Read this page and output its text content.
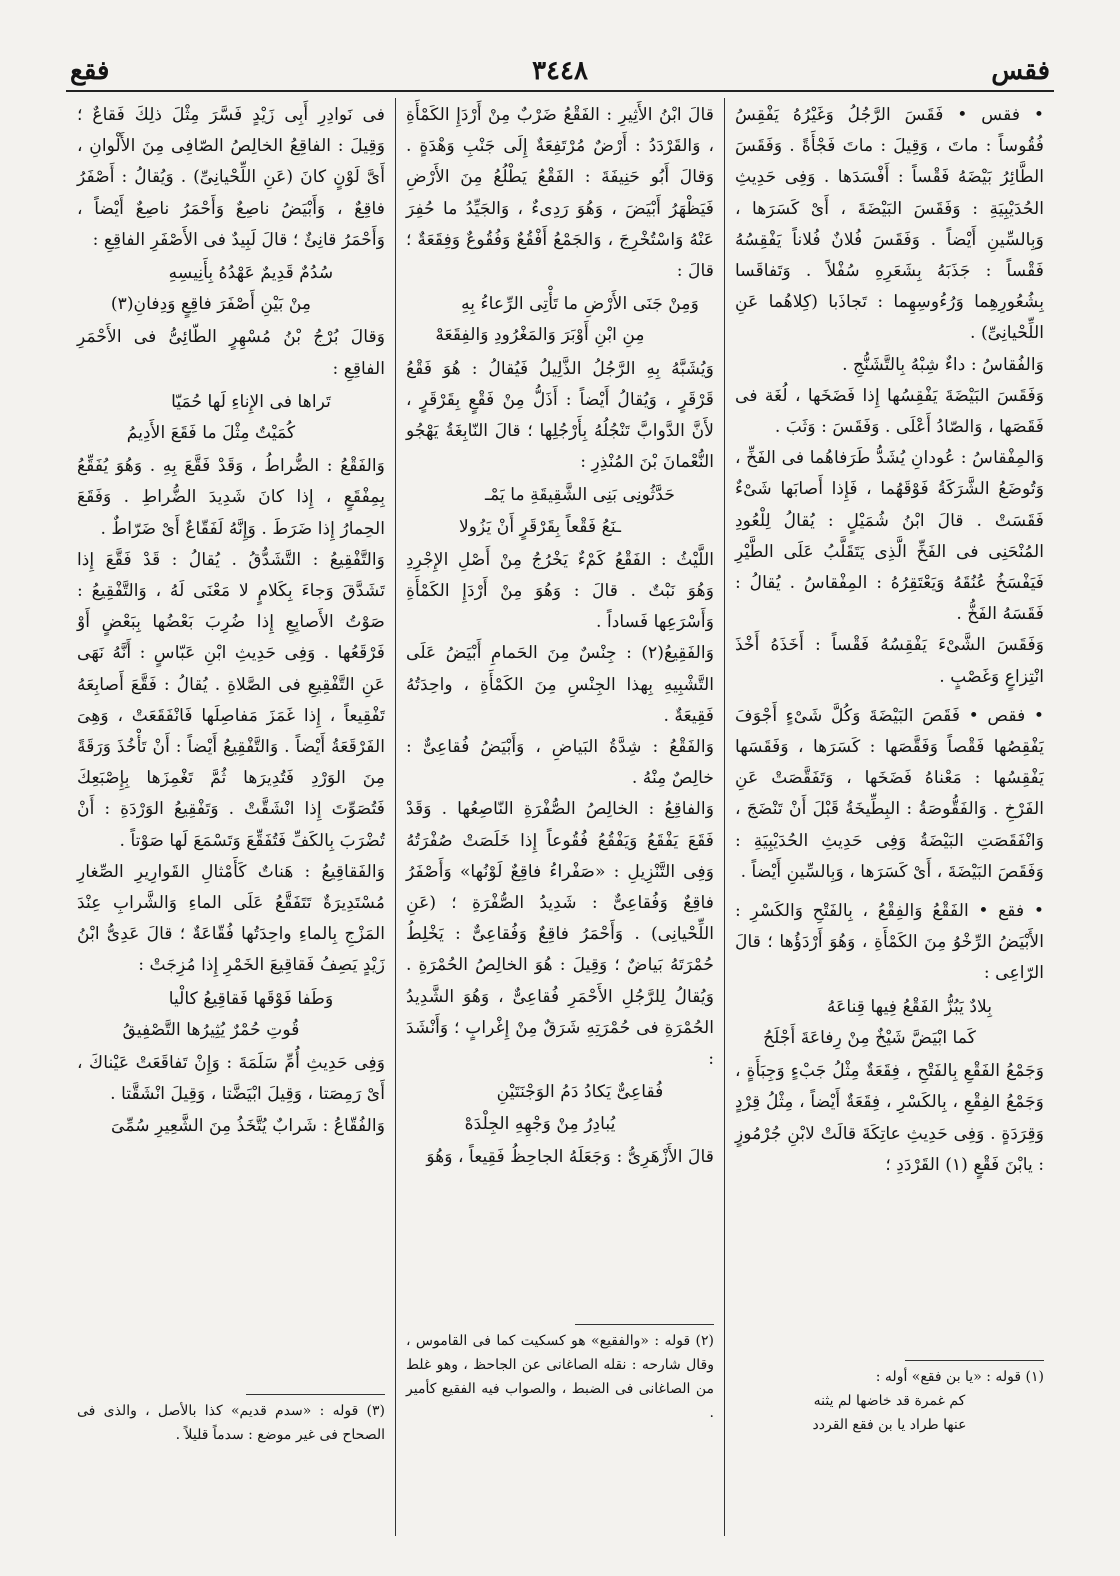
فقس
٣٤٤٨
فقع

• فقس • فَقَسَ الرَّجُلُ وَغَيْرُهُ يَفْقِسُ فُقُوساً : ماتَ ، وَقِيلَ : ماتَ فَجْأَةً . وَفَقَسَ الطَّائِرُ بَيْضَهُ فَقْساً : أَفْسَدَها . وَفِى حَدِيثِ الحُدَيْبِيَةِ : وَفَقَسَ البَيْضَةَ ، أَىْ كَسَرَها ، وَبِالسِّينِ أَيْضاً . وَفَقَسَ فُلانٌ فُلاناً يَفْقِسُهُ فَقْساً : جَذَبَهُ بِشَعَرِهِ سُفْلاً . وَتَفاقَسا بِشُعُورِهِما وَرُءُوسِهِما : تَجاذَبا (كِلاهُما عَنِ اللِّحْيانِىِّ) .

وَالفُقاسُ : داءٌ شِبْهُ بِالتَّشَنُّجِ .

وَفَقَسَ البَيْضَةَ يَفْقِسُها إِذا فَضَخَها ، لُغَة فى فَقَصَها ، وَالصّادُ أَعْلَى . وَفَقَسَ : وَثَبَ .

وَالمِفْقاسُ : عُودانِ يُشَدُّ طَرَفاهُما فى الفَخِّ ، وَتُوضَعُ الشَّرَكَةُ فَوْقَهُما ، فَإِذا أَصابَها شَىْءٌ فَقَسَتْ . قالَ ابْنُ شُمَيْلٍ : يُقالُ لِلْعُودِ المُنْحَنِى فى الفَخِّ الَّذِى يَتَقَلَّبُ عَلَى الطَّيْرِ فَيَفْسَخُ عُنُقَهُ وَيَعْتَقِرُهُ : المِفْقاسُ . يُقالُ : فَقَسَهُ الفَخُّ .

وَفَقَسَ الشَّىْءَ يَفْقِسُهُ فَقْساً : أَخَذَهُ أَخْذَ انْتِزاعٍ وَغَصْبٍ .

• فقص • فَقَصَ البَيْضَةَ وَكُلَّ شَىْءٍ أَجْوَفَ يَفْقِصُها فَقْصاً وَفَقَّصَها : كَسَرَها ، وَفَقَسَها يَفْقِسُها : مَعْناهُ فَضَخَها ، وَتَفَقَّصَتْ عَنِ الفَرْخِ . وَالفَقُّوصَةُ : البِطِّيخَةُ قَبْلَ أَنْ تَنْضَجَ ، وَانْفَقَصَتِ البَيْضَةُ وَفِى حَدِيثِ الحُدَيْبِيَةِ : وَفَقَصَ البَيْضَةَ ، أَىْ كَسَرَها ، وَبِالسِّينِ أَيْضاً .

• فقع • الفَقْعُ وَالفِقْعُ ، بِالفَتْحِ وَالكَسْرِ : الأَبْيَضُ الرِّخْوُ مِنَ الكَمْأَةِ ، وَهُوَ أَرْدَؤُها ؛ قالَ الرّاعِى :

بِلادٌ يَبُزُّ الفَقْعُ فِيها قِناعَهُ
كَما ابْيَضَّ شَيْخٌ مِنْ رِفاعَةَ أَجْلَحُ

وَجَمْعُ الفَقْعِ بِالفَتْحِ ، فِقَعَةٌ مِثْلُ جَبْءٍ وَجِبَأَةٍ ، وَجَمْعُ الفِقْعِ ، بِالكَسْرِ ، فِقَعَةٌ أَيْضاً ، مِثْلُ قِرْدٍ وَقِرَدَةٍ . وَفِى حَدِيثِ عاتِكَةَ قالَتْ لابْنِ جُرْمُوزٍ : يابْنَ فَقْعٍ (١) القَرْدَدِ ؛

(١) قوله : «يا بن فقع» أوله :
كم غمرة قد خاضها لم يثنه
عنها طراد يا بن فقع القردد

قالَ ابْنُ الأَثِيرِ : الفَقْعُ ضَرْبٌ مِنْ أَرْدَإِ الكَمْأَةِ ، وَالقَرْدَدُ : أَرْضٌ مُرْتَفِعَةٌ إِلَى جَنْبِ وَهْدَةٍ . وَقالَ أَبُو حَنِيفَةَ : الفَقْعُ يَطْلُعُ مِنَ الأَرْضِ فَيَظْهَرُ أَبْيَضَ ، وَهُوَ رَدِىءٌ ، وَالجَيِّدُ ما حُفِرَ عَنْهُ وَاسْتُخْرِجَ ، وَالجَمْعُ أَفْقُعٌ وَفُقُوعٌ وَفِقَعَةٌ ؛ قالَ :

وَمِنْ جَنَى الأَرْضِ ما تَأْتِى الرِّعاءُ بِهِ
مِنِ ابْنِ أَوْبَرَ وَالمَغْرُودِ وَالفِقَعَهْ

وَيُشَبَّهُ بِهِ الرَّجُلُ الذَّلِيلُ فَيُقالُ : هُوَ فَقْعُ قَرْقَرٍ ، وَيُقالُ أَيْضاً : أَذَلُّ مِنْ فَقْعٍ بِقَرْقَرٍ ، لأَنَّ الدَّوابَّ تَنْجُلُهُ بِأَرْجُلِها ؛ قالَ النّابِغَةُ يَهْجُو النُّعْمانَ بْنَ المُنْذِرِ :

حَدَّثُونِى بَنِى الشَّقِيقَةِ ما يَمْـ
ـنَعُ فَقْعاً بِقَرْقَرٍ أَنْ يَزُولا

اللَّيْثُ : الفَقْعُ كَمْءٌ يَخْرُجُ مِنْ أَصْلِ الإِجْرِدِ وَهُوَ نَبْتٌ . قالَ : وَهُوَ مِنْ أَرْدَإِ الكَمْأَةِ وَأَسْرَعِها فَساداً .

وَالفَقِيعُ(٢) : جِنْسٌ مِنَ الحَمامِ أَبْيَضُ عَلَى التَّشْبِيهِ بِهذا الجِنْسِ مِنَ الكَمْأَةِ ، واحِدَتُهُ فَقِيعَةٌ .

وَالفَقْعُ : شِدَّةُ البَياضِ ، وَأَبْيَضُ فُقاعِىٌّ : خالِصٌ مِنْهُ .

وَالفاقِعُ : الخالِصُ الصُّفْرَةِ النّاصِعُها . وَقَدْ فَقَعَ يَفْقَعُ وَيَفْقُعُ فُقُوعاً إِذا خَلَصَتْ صُفْرَتُهُ وَفِى التَّنْزِيلِ : «صَفْراءُ فاقِعٌ لَوْنُها» وَأَصْفَرُ فاقِعٌ وَفُقاعِىٌّ : شَدِيدُ الصُّفْرَةِ ؛ (عَنِ اللِّحْيانِى) . وَأَحْمَرُ فاقِعٌ وَفُقاعِىٌّ : يَخْلِطُ حُمْرَتَهُ بَياضٌ ؛ وَقِيلَ : هُوَ الخالِصُ الحُمْرَةِ . وَيُقالُ لِلرَّجُلِ الأَحْمَرِ فُقاعِىٌّ ، وَهُوَ الشَّدِيدُ الحُمْرَةِ فى حُمْرَتِهِ شَرَقٌ مِنْ إِغْرابٍ ؛ وَأَنْشَدَ :

فُقاعِىٌّ يَكادُ دَمُ الوَجْنَتَيْنِ
يُبادِرُ مِنْ وَجْهِهِ الجِلْدَهْ

قالَ الأَزْهَرِىُّ : وَجَعَلَهُ الجاحِظُ فَقِيعاً ، وَهُوَ

(٢) قوله : «والفقيع» هو كسكيت كما فى القاموس ، وقال شارحه : نقله الصاغانى عن الجاحظ ، وهو غلط من الصاغانى فى الضبط ، والصواب فيه الفقيع كأمير .

فى نَوادِرِ أَبِى زَيْدٍ فَسَّرَ مِثْلَ ذلِكَ فَقاعٌ ؛ وَقِيلَ : الفاقِعُ الخالِصُ الصّافِى مِنَ الأَلْوانِ ، أَىَّ لَوْنٍ كانَ (عَنِ اللِّحْيانِىِّ) . وَيُقالُ : أَصْفَرُ فاقِعٌ ، وَأَبْيَضُ ناصِعٌ وَأَحْمَرُ ناصِعٌ أَيْضاً ، وَأَحْمَرُ قانِئٌ ؛ قالَ لَبِيدٌ فى الأَصْفَرِ الفاقِعِ :

سُدُمٌ قَدِيمٌ عَهْدُهُ بِأَنِيسِهِ
مِنْ بَيْنِ أَصْفَرَ فاقِعٍ وَدِفانِ(٣)

وَقالَ بُرْجُ بْنُ مُسْهِرٍ الطّائِىُّ فى الأَحْمَرِ الفاقِعِ :

تَراها فى الإِناءِ لَها حُمَيّا
كُمَيْتٌ مِثْلَ ما فَقَعَ الأَدِيمُ

وَالفَقْعُ : الضُّراطُ ، وَقَدْ فَقَّعَ بِهِ . وَهُوَ يُفَقِّعُ بِمِفْقَعٍ ، إِذا كانَ شَدِيدَ الضُّراطِ . وَفَقَعَ الحِمارُ إِذا ضَرَطَ . وَإِنَّهُ لَفَقّاعٌ أَىْ ضَرّاطٌ .

وَالتَّفْقِيعُ : التَّشَدُّقُ . يُقالُ : قَدْ فَقَّعَ إِذا تَشَدَّقَ وَجاءَ بِكَلامٍ لا مَعْنَى لَهُ ، وَالتَّفْقِيعُ : صَوْتُ الأَصابِعِ إِذا ضُرِبَ بَعْضُها بِبَعْضٍ أَوْ فَرْقَعُها . وَفِى حَدِيثِ ابْنِ عَبّاسٍ : أَنَّهُ نَهَى عَنِ التَّفْقِيعِ فى الصَّلاةِ . يُقالُ : فَقَّعَ أَصابِعَهُ تَفْقِيعاً ، إِذا غَمَزَ مَفاصِلَها فَانْفَقَعَتْ ، وَهِىَ الفَرْقَعَةُ أَيْضاً . وَالتَّفْقِيعُ أَيْضاً : أَنْ تَأْخُذَ وَرَقَةً مِنَ الوَرْدِ فَتُدِيرَها ثُمَّ تَغْمِزَها بِإِصْبَعِكَ فَتُصَوِّتَ إِذا انْشَقَّتْ . وَتَفْقِيعُ الوَرْدَةِ : أَنْ تُضْرَبَ بِالكَفِّ فَتُفَقِّعَ وَتَسْمَعَ لَها صَوْتاً .

وَالفَقاقِيعُ : هَناتٌ كَأَمْثالِ القَوارِيرِ الصِّغارِ مُسْتَدِيرَةٌ تَتَفَقَّعُ عَلَى الماءِ وَالشَّرابِ عِنْدَ المَزْجِ بِالماءِ واحِدَتُها فُقّاعَةٌ ؛ قالَ عَدِىُّ ابْنُ زَيْدٍ يَصِفُ فَقاقِيعَ الخَمْرِ إِذا مُزِجَتْ :

وَطَفا فَوْقَها فَقاقِيعُ كالْيا
قُوتِ حُمْرٌ يُثِيرُها التَّصْفِيقُ

وَفِى حَدِيثِ أُمِّ سَلَمَةَ : وَإِنْ تَفاقَعَتْ عَيْناكَ ، أَىْ رَمِصَتا ، وَقِيلَ ابْيَضَّتا ، وَقِيلَ انْشَقَّتا .

وَالفُقّاعُ : شَرابٌ يُتَّخَذُ مِنَ الشَّعِيرِ سُمِّىَ

(٣) قوله : «سدم قديم» كذا بالأصل ، والذى فى الصحاح فى غير موضع : سدماً قليلاً .
